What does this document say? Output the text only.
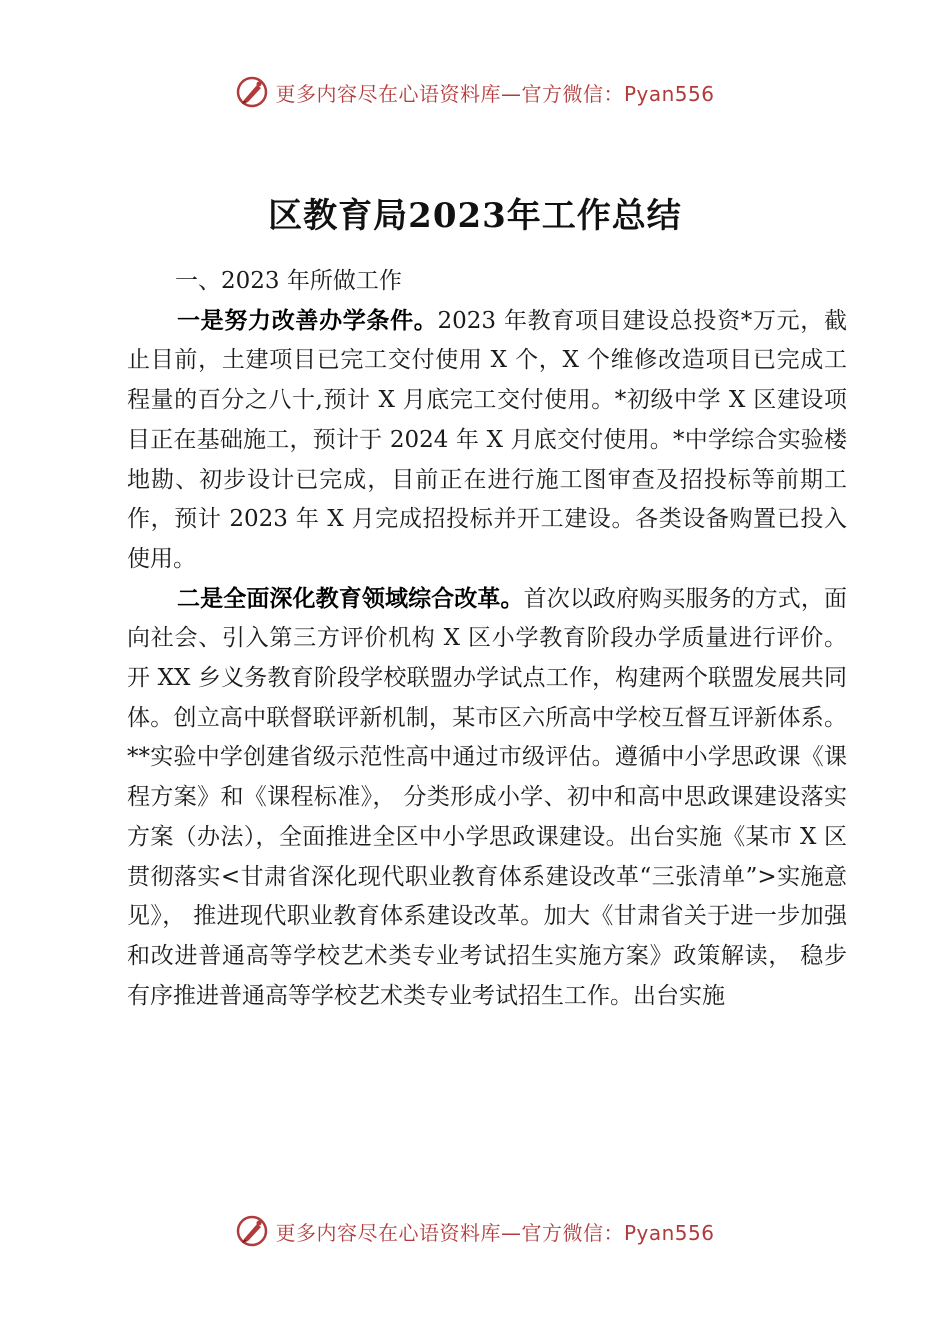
更多内容尽在心语资料库—官方微信：Pyan556
区教育局2023年工作总结

一、2023 年所做工作

一是努力改善办学条件。2023 年教育项目建设总投资*万元，截止目前，土建项目已完工交付使用 X 个，X 个维修改造项目已完成工程量的百分之八十,预计 X 月底完工交付使用。*初级中学 X 区建设项目正在基础施工，预计于 2024 年 X 月底交付使用。*中学综合实验楼地勘、初步设计已完成，目前正在进行施工图审查及招投标等前期工作，预计 2023 年 X 月完成招投标并开工建设。各类设备购置已投入使用。

二是全面深化教育领域综合改革。首次以政府购买服务的方式，面向社会、引入第三方评价机构 X 区小学教育阶段办学质量进行评价。开 XX 乡义务教育阶段学校联盟办学试点工作，构建两个联盟发展共同体。创立高中联督联评新机制，某市区六所高中学校互督互评新体系。**实验中学创建省级示范性高中通过市级评估。遵循中小学思政课《课程方案》和《课程标准》， 分类形成小学、初中和高中思政课建设落实方案（办法），全面推进全区中小学思政课建设。出台实施《某市 X 区贯彻落实<甘肃省深化现代职业教育体系建设改革“三张清单”>实施意见》， 推进现代职业教育体系建设改革。加大《甘肃省关于进一步加强和改进普通高等学校艺术类专业考试招生实施方案》政策解读， 稳步有序推进普通高等学校艺术类专业考试招生工作。出台实施

更多内容尽在心语资料库—官方微信：Pyan556
